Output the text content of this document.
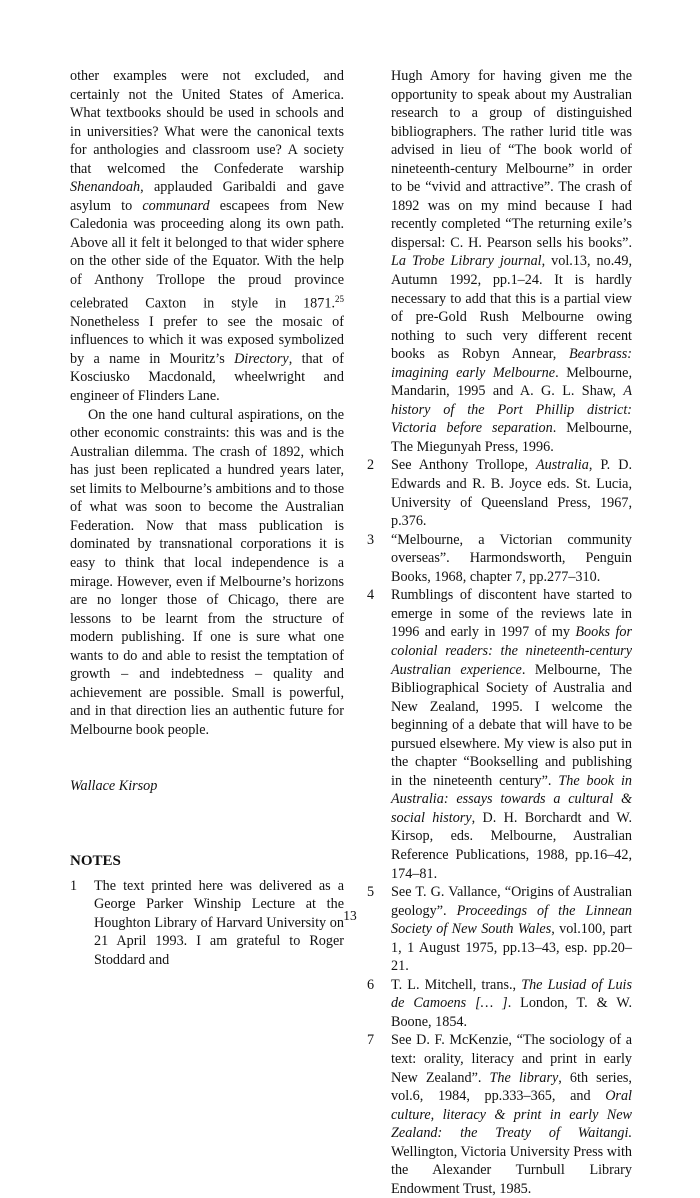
other examples were not excluded, and certainly not the United States of America. What textbooks should be used in schools and in universities? What were the canonical texts for anthologies and classroom use? A society that welcomed the Confederate warship Shenandoah, applauded Garibaldi and gave asylum to communard escapees from New Caledonia was proceeding along its own path. Above all it felt it belonged to that wider sphere on the other side of the Equator. With the help of Anthony Trollope the proud province celebrated Caxton in style in 1871.25 Nonetheless I prefer to see the mosaic of influences to which it was exposed symbolized by a name in Mouritz’s Directory, that of Kosciusko Macdonald, wheelwright and engineer of Flinders Lane.

On the one hand cultural aspirations, on the other economic constraints: this was and is the Australian dilemma. The crash of 1892, which has just been replicated a hundred years later, set limits to Melbourne’s ambitions and to those of what was soon to become the Australian Federation. Now that mass publication is dominated by transnational corporations it is easy to think that local independence is a mirage. However, even if Melbourne’s horizons are no longer those of Chicago, there are lessons to be learnt from the structure of modern publishing. If one is sure what one wants to do and able to resist the temptation of growth – and indebtedness – quality and achievement are possible. Small is powerful, and in that direction lies an authentic future for Melbourne book people.

Wallace Kirsop

NOTES

1	The text printed here was delivered as a George Parker Winship Lecture at the Houghton Library of Harvard University on 21 April 1993. I am grateful to Roger Stoddard and

Hugh Amory for having given me the opportunity to speak about my Australian research to a group of distinguished bibliographers. The rather lurid title was advised in lieu of “The book world of nineteenth-century Melbourne” in order to be “vivid and attractive”. The crash of 1892 was on my mind because I had recently completed “The returning exile’s dispersal: C. H. Pearson sells his books”. La Trobe Library journal, vol.13, no.49, Autumn 1992, pp.1–24. It is hardly necessary to add that this is a partial view of pre-Gold Rush Melbourne owing nothing to such very different recent books as Robyn Annear, Bearbrass: imagining early Melbourne. Melbourne, Mandarin, 1995 and A. G. L. Shaw, A history of the Port Phillip district: Victoria before separation. Melbourne, The Miegunyah Press, 1996.

2	See Anthony Trollope, Australia, P. D. Edwards and R. B. Joyce eds. St. Lucia, University of Queensland Press, 1967, p.376.
3	“Melbourne, a Victorian community overseas”. Harmondsworth, Penguin Books, 1968, chapter 7, pp.277–310.
4	Rumblings of discontent have started to emerge in some of the reviews late in 1996 and early in 1997 of my Books for colonial readers: the nineteenth-century Australian experience. Melbourne, The Bibliographical Society of Australia and New Zealand, 1995. I welcome the beginning of a debate that will have to be pursued elsewhere. My view is also put in the chapter “Bookselling and publishing in the nineteenth century”. The book in Australia: essays towards a cultural & social history, D. H. Borchardt and W. Kirsop, eds. Melbourne, Australian Reference Publications, 1988, pp.16–42, 174–81.
5	See T. G. Vallance, “Origins of Australian geology”. Proceedings of the Linnean Society of New South Wales, vol.100, part 1, 1 August 1975, pp.13–43, esp. pp.20–21.
6	T. L. Mitchell, trans., The Lusiad of Luis de Camoens [… ]. London, T. & W. Boone, 1854.
7	See D. F. McKenzie, “The sociology of a text: orality, literacy and print in early New Zealand”. The library, 6th series, vol.6, 1984, pp.333–365, and Oral culture, literacy & print in early New Zealand: the Treaty of Waitangi. Wellington, Victoria University Press with the Alexander Turnbull Library Endowment Trust, 1985.
13
